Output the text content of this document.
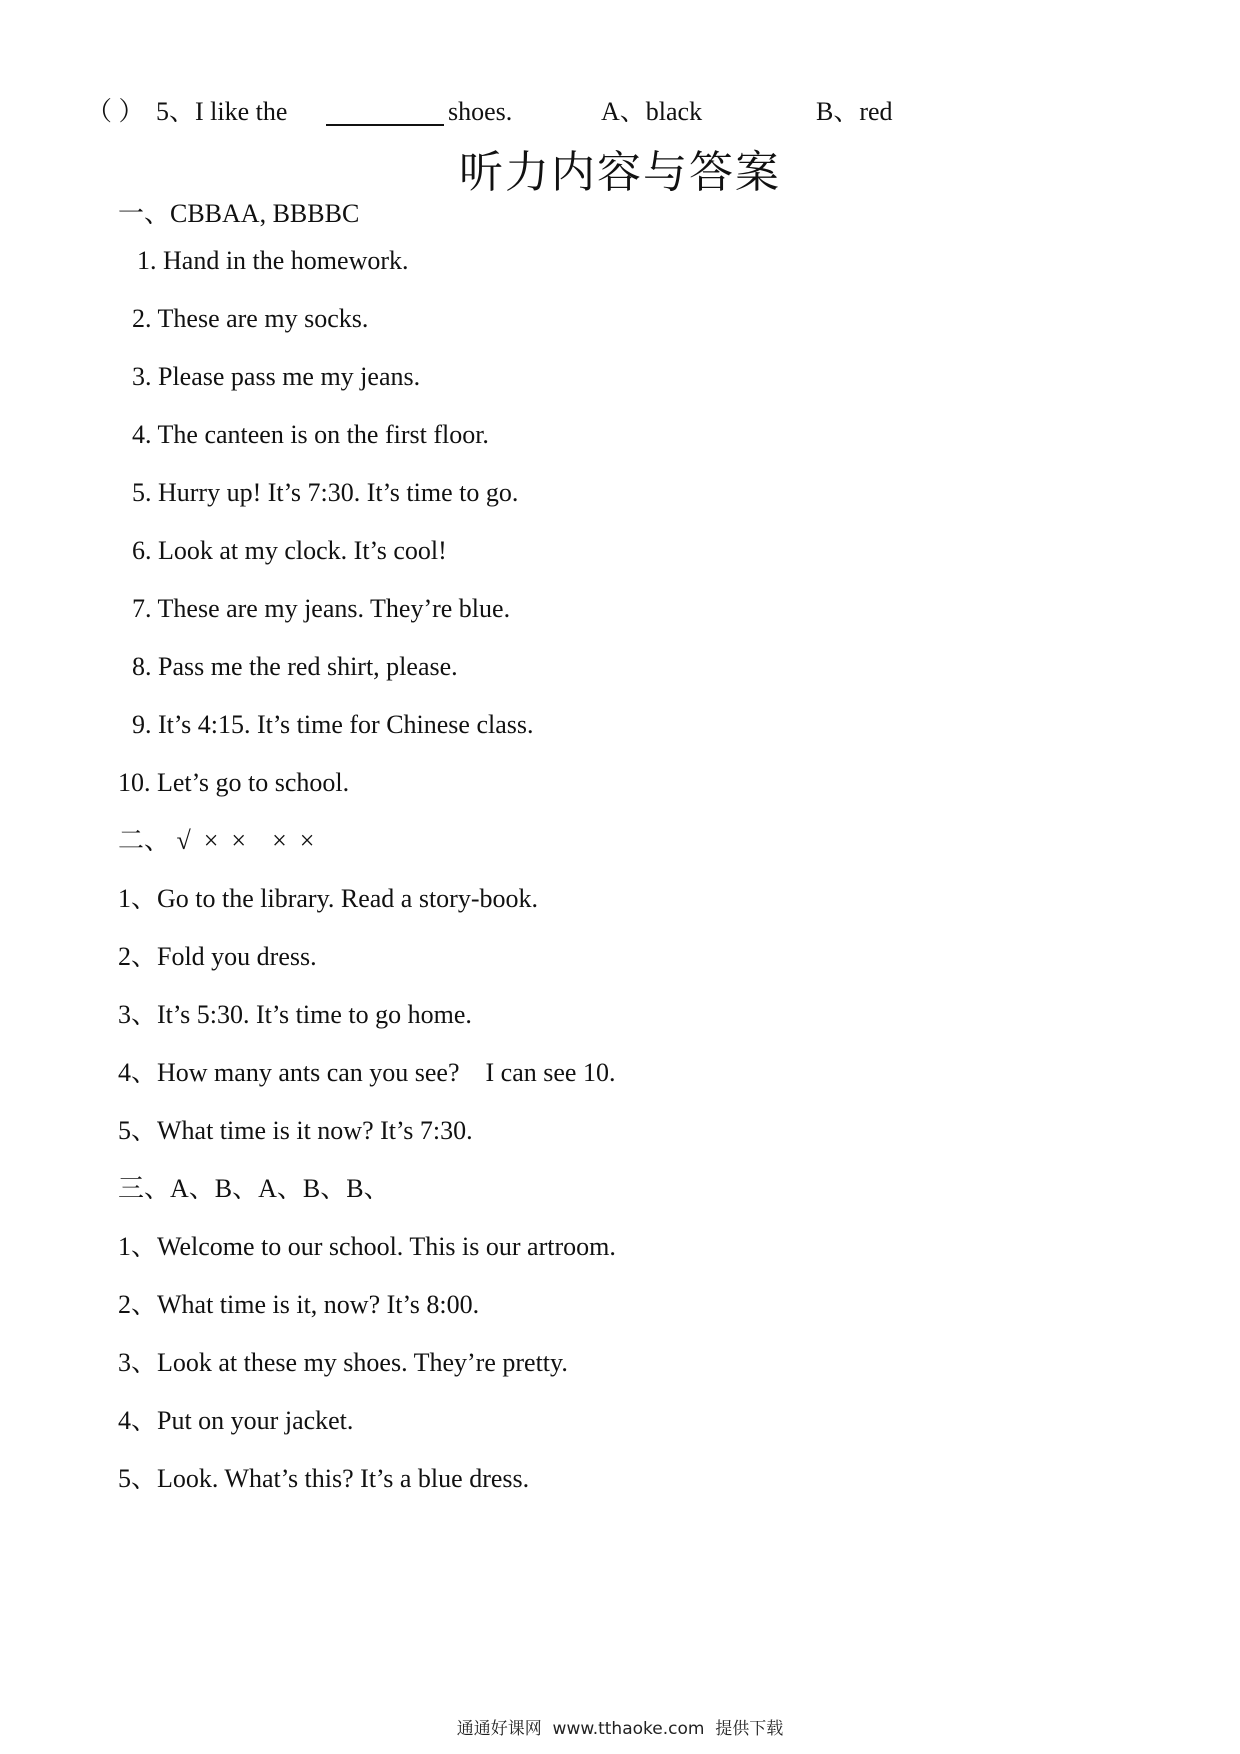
（ ） 5、I like the	shoes.	A、black	B、red
听力内容与答案
一、CBBAA, BBBBC
1. Hand in the homework.
2. These are my socks.
3. Please pass me my jeans.
4. The canteen is on the first floor.
5. Hurry up! It’s 7:30. It’s time to go.
6. Look at my clock. It’s cool!
7. These are my jeans. They’re blue.
8. Pass me the red shirt, please.
9. It’s 4:15. It’s time for Chinese class.
10. Let’s go to school.
二、 √  ×  ×    ×  ×
1、Go to the library. Read a story-book.
2、Fold you dress.
3、It’s 5:30. It’s time to go home.
4、How many ants can you see?    I can see 10.
5、What time is it now? It’s 7:30.
三、A、B、A、B、B、
1、Welcome to our school. This is our artroom.
2、What time is it, now? It’s 8:00.
3、Look at these my shoes. They’re pretty.
4、Put on your jacket.
5、Look. What’s this? It’s a blue dress.
通通好课网  www.tthaoke.com  提供下载
